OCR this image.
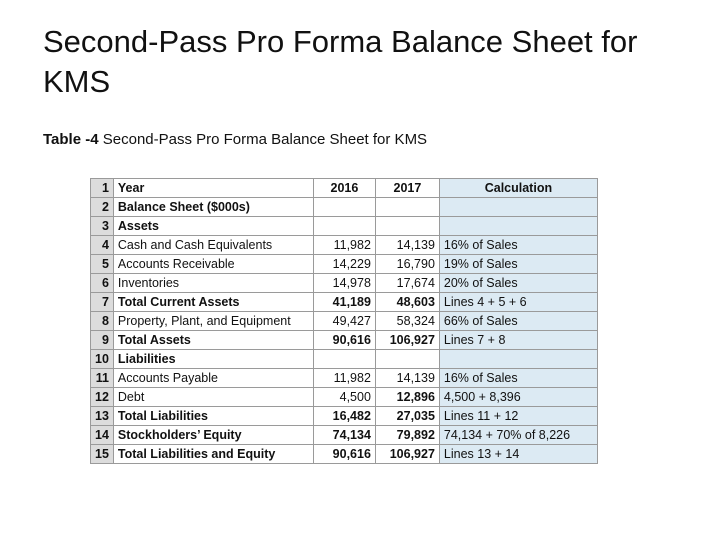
Second-Pass Pro Forma Balance Sheet for KMS
Table -4 Second-Pass Pro Forma Balance Sheet for KMS
1	Year	2016	2017	Calculation
2	Balance Sheet ($000s)			
3	Assets			
4	Cash and Cash Equivalents	11,982	14,139	16% of Sales
5	Accounts Receivable	14,229	16,790	19% of Sales
6	Inventories	14,978	17,674	20% of Sales
7	Total Current Assets	41,189	48,603	Lines 4 + 5 + 6
8	Property, Plant, and Equipment	49,427	58,324	66% of Sales
9	Total Assets	90,616	106,927	Lines 7 + 8
10	Liabilities			
11	Accounts Payable	11,982	14,139	16% of Sales
12	Debt	4,500	12,896	4,500 + 8,396
13	Total Liabilities	16,482	27,035	Lines 11 + 12
14	Stockholders’ Equity	74,134	79,892	74,134 + 70% of 8,226
15	Total Liabilities and Equity	90,616	106,927	Lines 13 + 14
